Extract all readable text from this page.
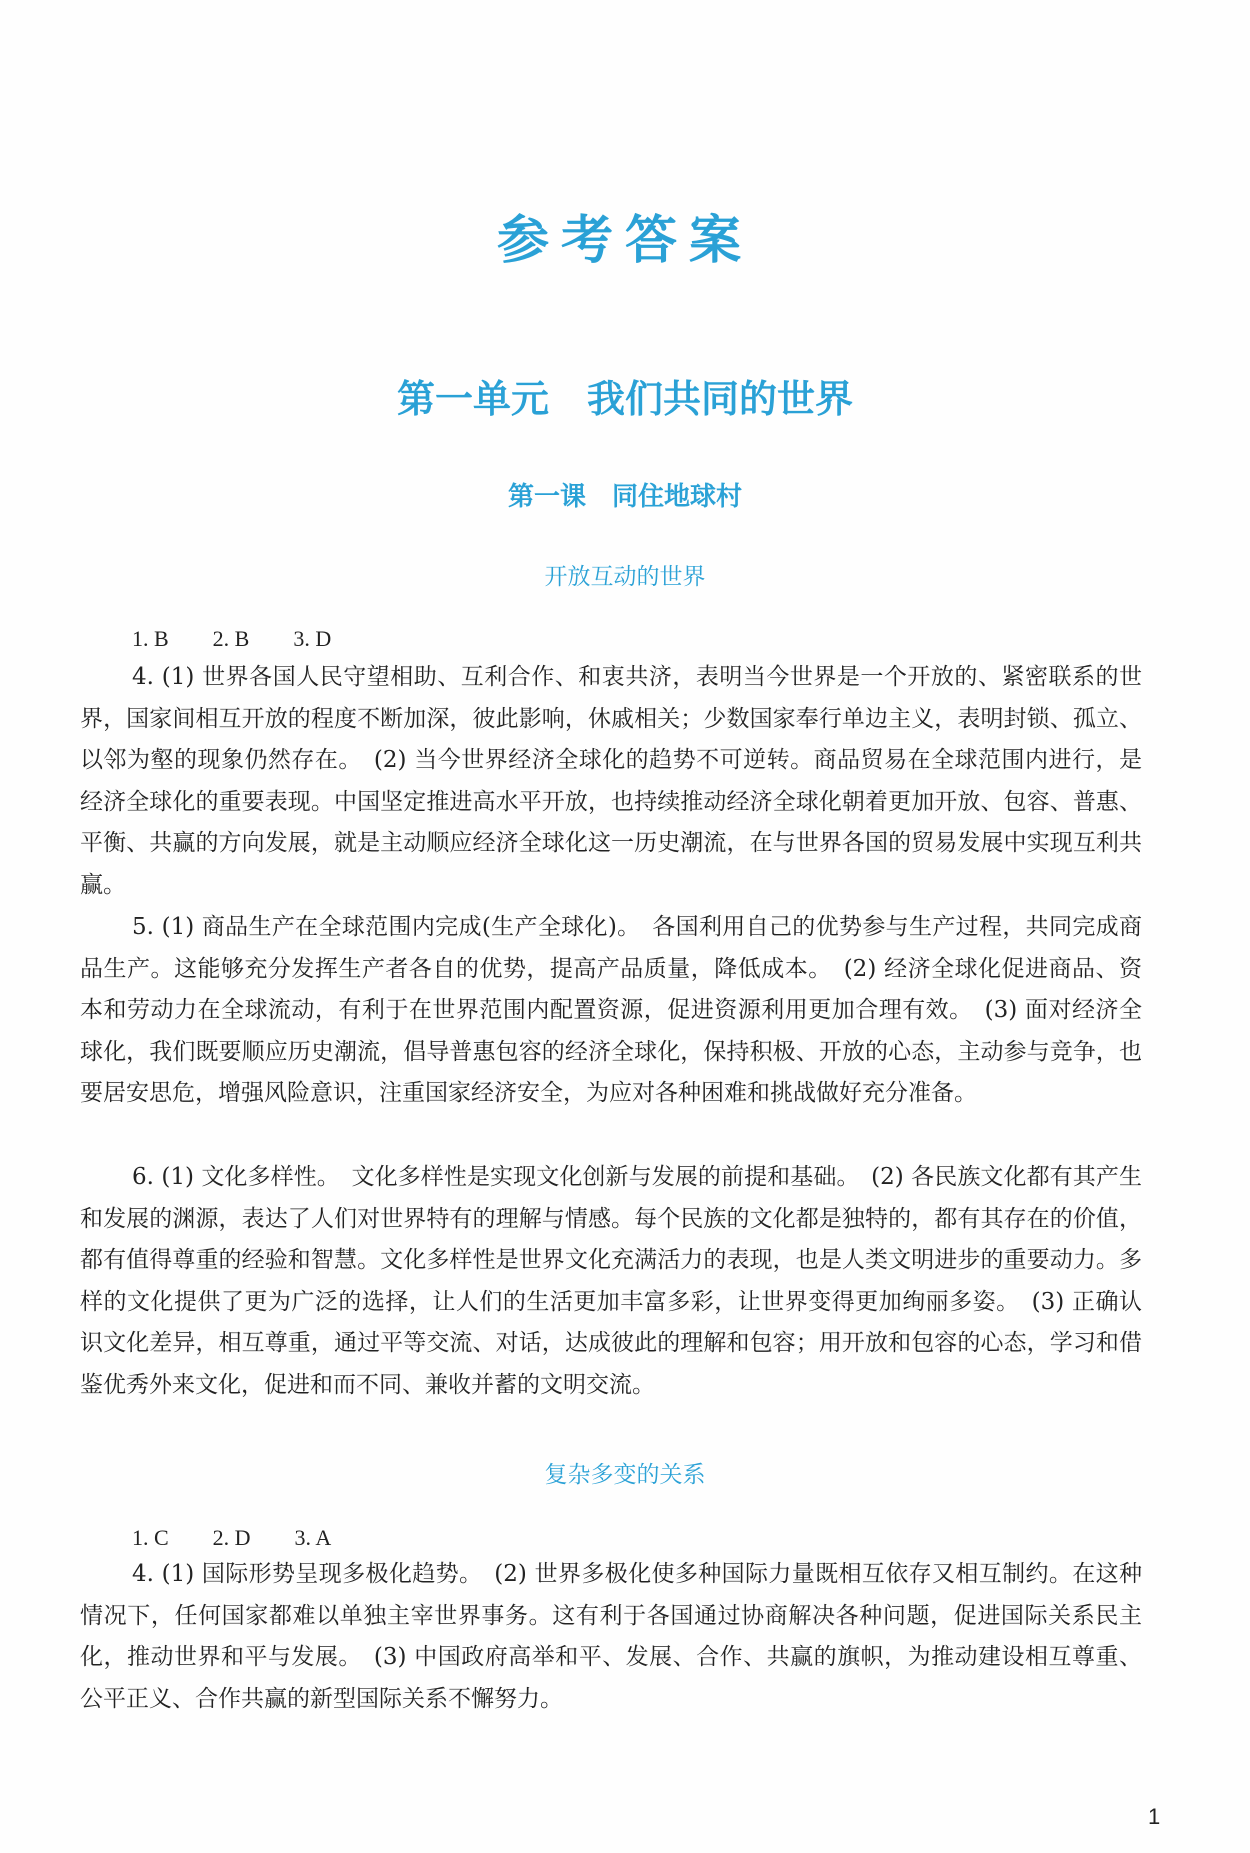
参考答案
第一单元　我们共同的世界
第一课　同住地球村
开放互动的世界
1. B　　2. B　　3. D
4. (1) 世界各国人民守望相助、互利合作、和衷共济，表明当今世界是一个开放的、紧密联系的世界，国家间相互开放的程度不断加深，彼此影响，休戚相关；少数国家奉行单边主义，表明封锁、孤立、以邻为壑的现象仍然存在。　(2) 当今世界经济全球化的趋势不可逆转。商品贸易在全球范围内进行，是经济全球化的重要表现。中国坚定推进高水平开放，也持续推动经济全球化朝着更加开放、包容、普惠、平衡、共赢的方向发展，就是主动顺应经济全球化这一历史潮流，在与世界各国的贸易发展中实现互利共赢。
5. (1) 商品生产在全球范围内完成(生产全球化)。　各国利用自己的优势参与生产过程，共同完成商品生产。这能够充分发挥生产者各自的优势，提高产品质量，降低成本。　(2) 经济全球化促进商品、资本和劳动力在全球流动，有利于在世界范围内配置资源，促进资源利用更加合理有效。　(3) 面对经济全球化，我们既要顺应历史潮流，倡导普惠包容的经济全球化，保持积极、开放的心态，主动参与竞争，也要居安思危，增强风险意识，注重国家经济安全，为应对各种困难和挑战做好充分准备。
6. (1) 文化多样性。　文化多样性是实现文化创新与发展的前提和基础。　(2) 各民族文化都有其产生和发展的渊源，表达了人们对世界特有的理解与情感。每个民族的文化都是独特的，都有其存在的价值，都有值得尊重的经验和智慧。文化多样性是世界文化充满活力的表现，也是人类文明进步的重要动力。多样的文化提供了更为广泛的选择，让人们的生活更加丰富多彩，让世界变得更加绚丽多姿。　(3) 正确认识文化差异，相互尊重，通过平等交流、对话，达成彼此的理解和包容；用开放和包容的心态，学习和借鉴优秀外来文化，促进和而不同、兼收并蓄的文明交流。
复杂多变的关系
1. C　　2. D　　3. A
4. (1) 国际形势呈现多极化趋势。　(2) 世界多极化使多种国际力量既相互依存又相互制约。在这种情况下，任何国家都难以单独主宰世界事务。这有利于各国通过协商解决各种问题，促进国际关系民主化，推动世界和平与发展。　(3) 中国政府高举和平、发展、合作、共赢的旗帜，为推动建设相互尊重、公平正义、合作共赢的新型国际关系不懈努力。
1
